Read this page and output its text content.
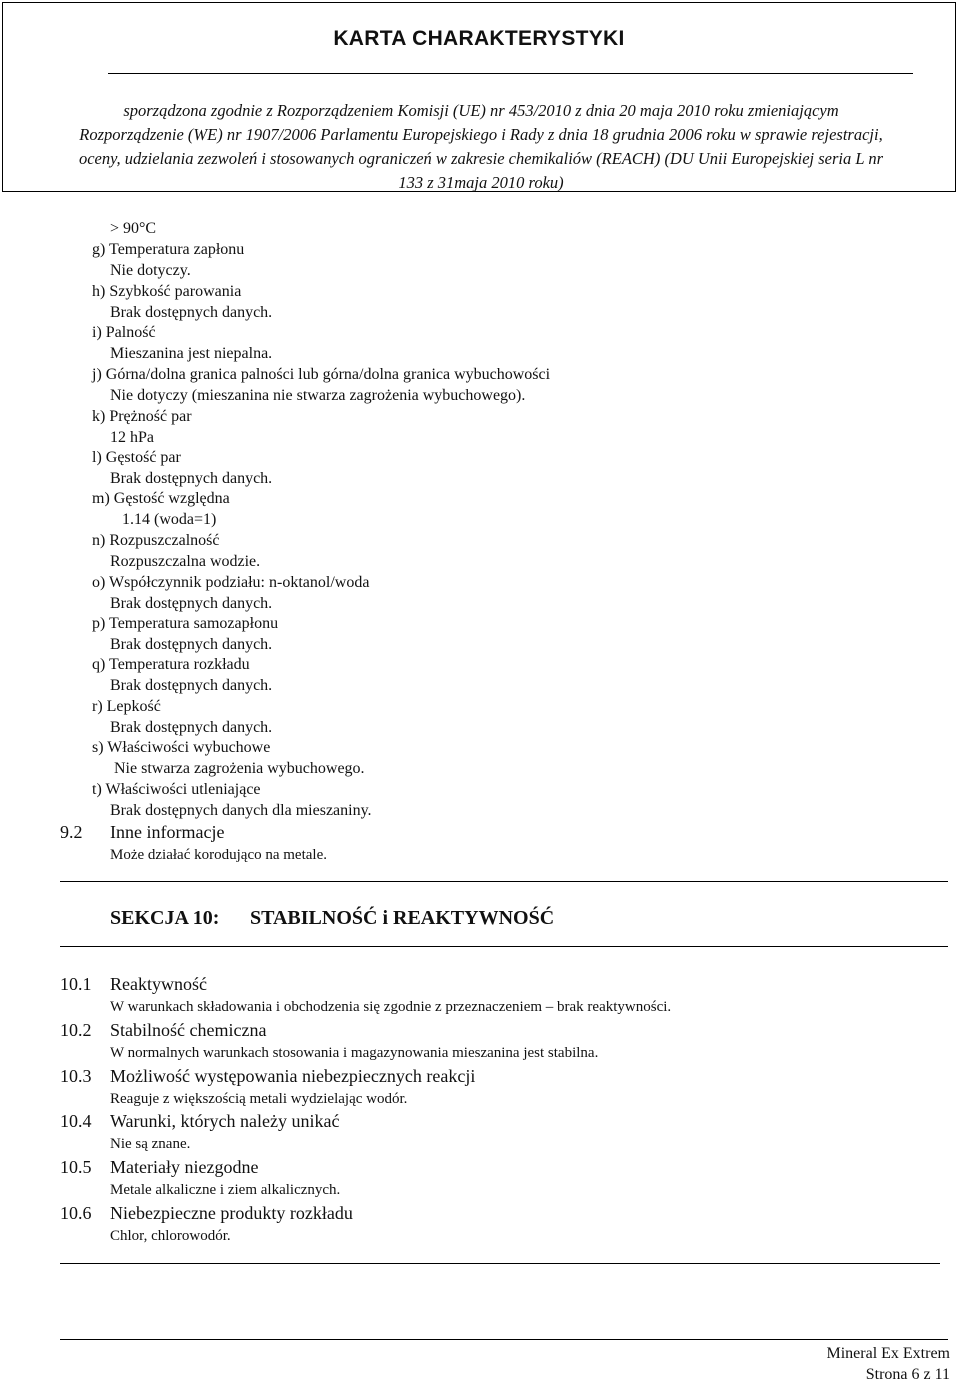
KARTA CHARAKTERYSTYKI
sporządzona zgodnie z Rozporządzeniem Komisji (UE) nr 453/2010 z dnia 20 maja 2010 roku zmieniającym
Rozporządzenie (WE) nr 1907/2006 Parlamentu Europejskiego i Rady z dnia 18 grudnia 2006 roku w sprawie rejestracji,
oceny, udzielania zezwoleń i stosowanych ograniczeń w zakresie chemikaliów (REACH) (DU Unii Europejskiej seria L nr
133 z 31maja 2010 roku)
> 90°C
g) Temperatura zapłonu
Nie dotyczy.
h) Szybkość parowania
Brak dostępnych danych.
i) Palność
Mieszanina jest niepalna.
j) Górna/dolna granica palności lub górna/dolna granica wybuchowości
Nie dotyczy (mieszanina nie stwarza zagrożenia wybuchowego).
k) Prężność par
12 hPa
l) Gęstość par
Brak dostępnych danych.
m) Gęstość względna
1.14 (woda=1)
n) Rozpuszczalność
Rozpuszczalna wodzie.
o) Współczynnik podziału: n-oktanol/woda
Brak dostępnych danych.
p) Temperatura samozapłonu
Brak dostępnych danych.
q) Temperatura rozkładu
Brak dostępnych danych.
r) Lepkość
Brak dostępnych danych.
s) Właściwości wybuchowe
Nie stwarza zagrożenia wybuchowego.
t) Właściwości utleniające
Brak dostępnych danych dla mieszaniny.
9.2 Inne informacje
Może działać korodująco na metale.
SEKCJA 10: STABILNOŚĆ i REAKTYWNOŚĆ
10.1 Reaktywność
W warunkach składowania i obchodzenia się zgodnie z przeznaczeniem – brak reaktywności.
10.2 Stabilność chemiczna
W normalnych warunkach stosowania i magazynowania mieszanina jest stabilna.
10.3 Możliwość występowania niebezpiecznych reakcji
Reaguje z większością metali wydzielając wodór.
10.4 Warunki, których należy unikać
Nie są znane.
10.5 Materiały niezgodne
Metale alkaliczne i ziem alkalicznych.
10.6 Niebezpieczne produkty rozkładu
Chlor, chlorowodór.
Mineral Ex Extrem
Strona 6 z 11
